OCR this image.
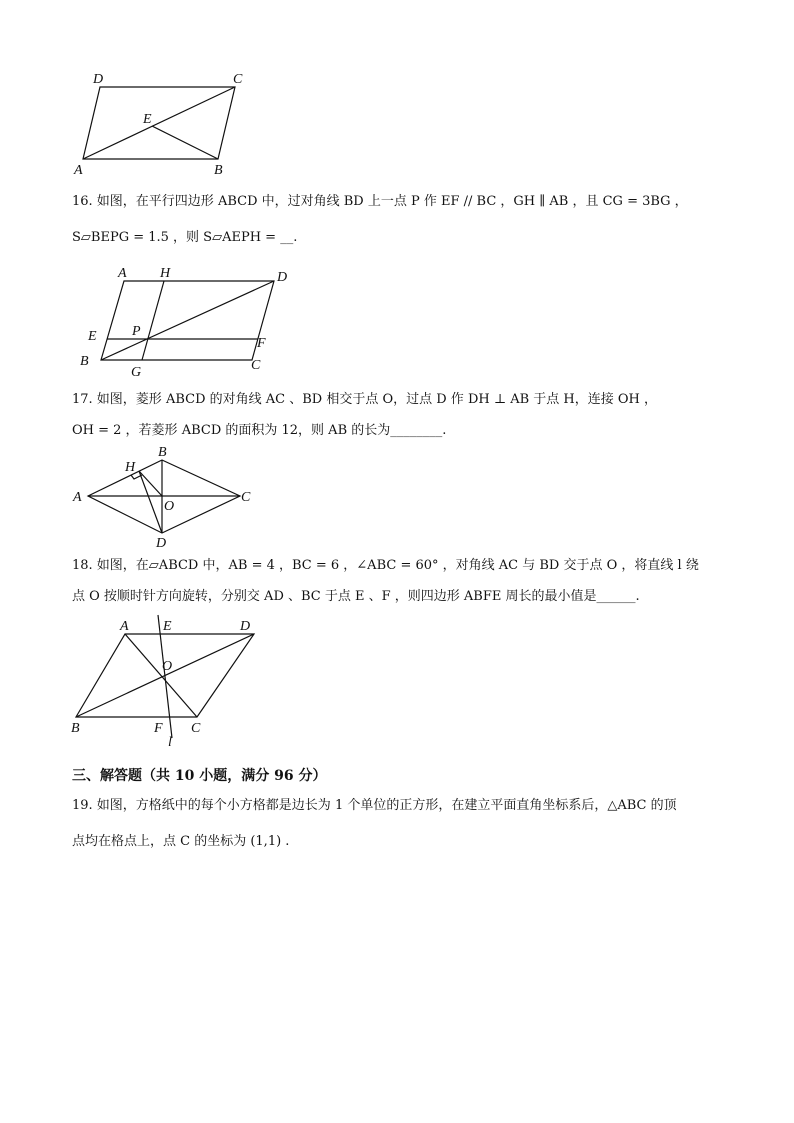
D	C
E
A	B
16. 如图，在平行四边形 ABCD 中，过对角线 BD 上一点 P 作 EF // BC ，GH ∥ AB ，且 CG = 3BG ，
S▱BEPG = 1.5 ，则 S▱AEPH = __.
A H	D
E	P
F
B
G	C
17. 如图，菱形 ABCD 的对角线 AC 、BD 相交于点 O，过点 D 作 DH ⊥ AB 于点 H，连接 OH ，
OH = 2 ，若菱形 ABCD 的面积为 12，则 AB 的长为________.
H
B
A
O
C
D
18. 如图，在▱ABCD 中，AB = 4 ，BC = 6 ，∠ABC = 60° ，对角线 AC 与 BD 交于点 O ，将直线 l 绕
点 O 按顺时针方向旋转，分别交 AD 、BC 于点 E 、F ，则四边形 ABFE 周长的最小值是______.
A E	D
O
B	F C
l
三、解答题（共 10 小题，满分 96 分）
19. 如图，方格纸中的每个小方格都是边长为 1 个单位的正方形，在建立平面直角坐标系后，△ABC 的顶
点均在格点上，点 C 的坐标为 (1,1) .
